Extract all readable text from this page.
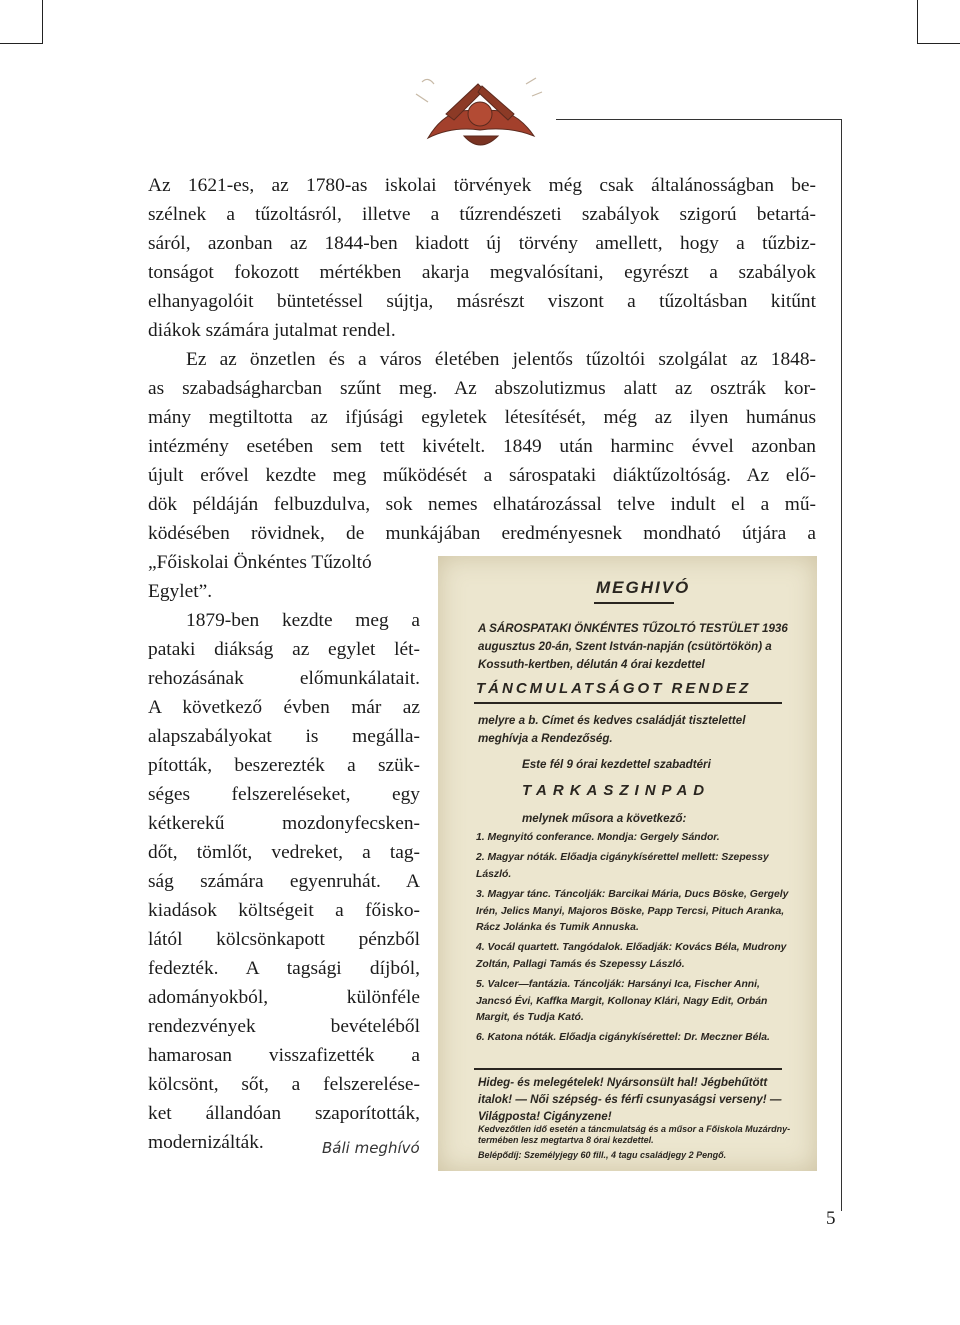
Az 1621-es, az 1780-as iskolai törvények még csak általánosságban be-
szélnek a tűzoltásról, illetve a tűzrendészeti szabályok szigorú betartá-
sáról, azonban az 1844-ben kiadott új törvény amellett, hogy a tűzbiz-
tonságot fokozott mértékben akarja megvalósítani, egyrészt a szabályok
elhanyagolóit büntetéssel sújtja, másrészt viszont a tűzoltásban kitűnt
diákok számára jutalmat rendel.
Ez az önzetlen és a város életében jelentős tűzoltói szolgálat az 1848-
as szabadságharcban szűnt meg. Az abszolutizmus alatt az osztrák kor-
mány megtiltotta az ifjúsági egyletek létesítését, még az ilyen humánus
intézmény esetében sem tett kivételt. 1849 után harminc évvel azonban
újult erővel kezdte meg működését a sárospataki diáktűzoltóság. Az elő-
dök példáján felbuzdulva, sok nemes elhatározással telve indult el a mű-
ködésében rövidnek, de munkájában eredményesnek mondható útjára a
„Főiskolai Önkéntes Tűzoltó
Egylet”.
1879-ben kezdte meg a
pataki diákság az egylet lét-
rehozásának előmunkálatait.
A következő évben már az
alapszabályokat is megálla-
pították, beszerezték a szük-
séges felszereléseket, egy
kétkerekű mozdonyfecsken-
dőt, tömlőt, vedreket, a tag-
ság számára egyenruhát. A
kiadások költségeit a főisko-
lától kölcsönkapott pénzből
fedezték. A tagsági díjból,
adományokból, különféle
rendezvények bevételéből
hamarosan visszafizették a
kölcsönt, sőt, a felszerelése-
ket állandóan szaporították,
modernizálták.
MEGHIVÓ

A SÁROSPATAKI ÖNKÉNTES TŰZOLTÓ TESTÜLET 1936 augusztus 20-án, Szent István-napján (csütörtökön) a Kossuth-kertben, délután 4 órai kezdettel

TÁNCMULATSÁGOT RENDEZ

melyre a b. Címet és kedves családját tisztelettel meghívja a Rendezőség.

Este fél 9 órai kezdettel szabadtéri

TARKASZINPAD

melynek műsora a következő:

1. Megnyitó conferance. Mondja: Gergely Sándor.
2. Magyar nóták. Előadja cigánykísérettel mellett: Szepessy László.
3. Magyar tánc. Táncolják: Barcikai Mária, Ducs Böske, Gergely Irén, Jelics Manyi, Majoros Böske, Papp Tercsi, Pituch Aranka, Rácz Jolánka és Tumik Annuska.
4. Vocál quartett. Tangódalok. Előadják: Kovács Béla, Mudrony Zoltán, Pallagi Tamás és Szepessy László.
5. Valcer—fantázia. Táncolják: Harsányi Ica, Fischer Anni, Jancsó Évi, Kaffka Margit, Kollonay Klári, Nagy Edit, Orbán Margit, és Tudja Kató.
6. Katona nóták. Előadja cigánykísérettel: Dr. Meczner Béla.

Hideg- és melegételek! Nyársonsült hal! Jégbehűtött italok! — Női szépség- és férfi csunyaságsi verseny! — Világposta! Cigányzene!

Kedvezőtlen idő esetén a táncmulatság és a műsor a Főiskola Muzárdny-termében lesz megtartva 8 órai kezdettel.

Belépődíj: Személyjegy 60 fill., 4 tagu családjegy 2 Pengő.

Báli meghívó
5
